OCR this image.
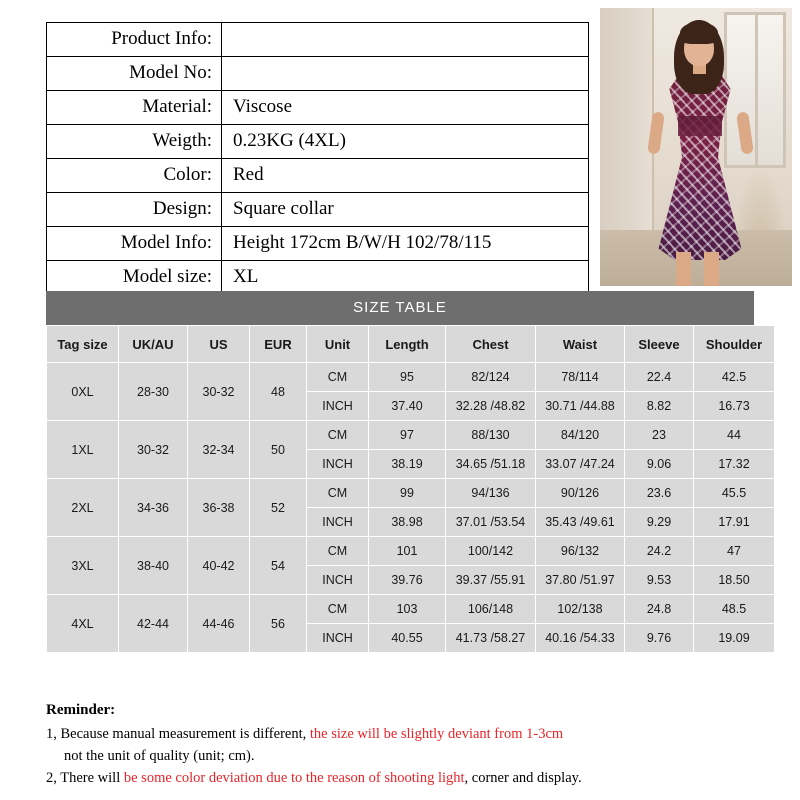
Product Info:	
Model No:	
Material:	Viscose
Weigth:	0.23KG (4XL)
Color:	Red
Design:	Square collar
Model Info:	Height 172cm B/W/H 102/78/115
Model size:	XL
SIZE TABLE
Tag size	UK/AU	US	EUR	Unit	Length	Chest	Waist	Sleeve	Shoulder
0XL	28-30	30-32	48	CM	95	82/124	78/114	22.4	42.5
				INCH	37.40	32.28 /48.82	30.71 /44.88	8.82	16.73
1XL	30-32	32-34	50	CM	97	88/130	84/120	23	44
				INCH	38.19	34.65 /51.18	33.07 /47.24	9.06	17.32
2XL	34-36	36-38	52	CM	99	94/136	90/126	23.6	45.5
				INCH	38.98	37.01 /53.54	35.43 /49.61	9.29	17.91
3XL	38-40	40-42	54	CM	101	100/142	96/132	24.2	47
				INCH	39.76	39.37 /55.91	37.80 /51.97	9.53	18.50
4XL	42-44	44-46	56	CM	103	106/148	102/138	24.8	48.5
				INCH	40.55	41.73 /58.27	40.16 /54.33	9.76	19.09
Reminder:
1, Because manual measurement is different, the size will be slightly deviant from 1-3cm
not the unit of quality (unit; cm).
2, There will be some color deviation due to the reason of shooting light, corner and display.
